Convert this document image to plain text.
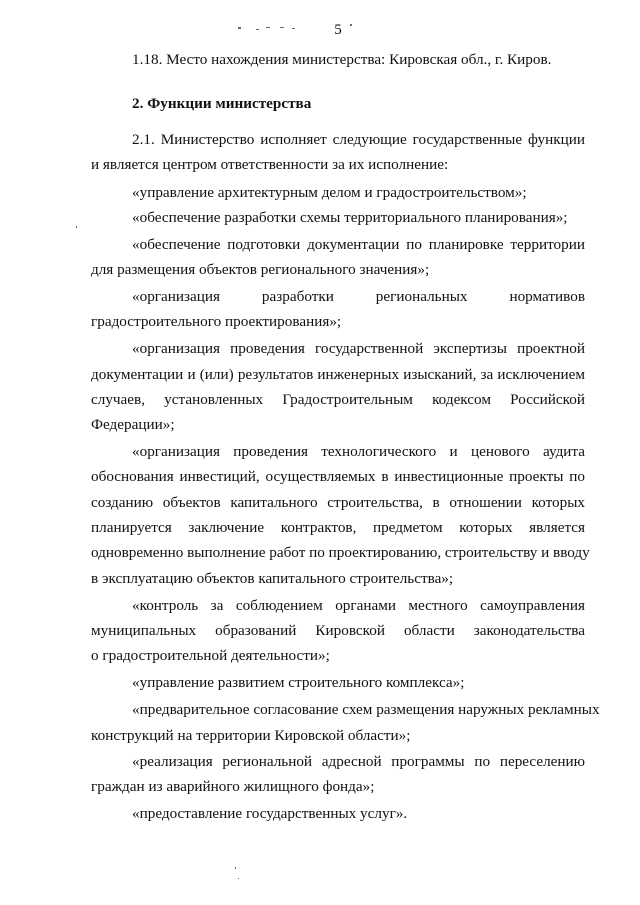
5
1.18. Место нахождения министерства: Кировская обл., г. Киров.
2. Функции министерства
2.1. Министерство исполняет следующие государственные функции
и является центром ответственности за их исполнение:
«управление архитектурным делом и градостроительством»;
«обеспечение разработки схемы территориального планирования»;
«обеспечение подготовки документации по планировке территории
для размещения объектов регионального значения»;
«организация разработки региональных нормативов
градостроительного проектирования»;
«организация проведения государственной экспертизы проектной
документации и (или) результатов инженерных изысканий, за исключением
случаев, установленных Градостроительным кодексом Российской
Федерации»;
«организация проведения технологического и ценового аудита
обоснования инвестиций, осуществляемых в инвестиционные проекты по
созданию объектов капитального строительства, в отношении которых
планируется заключение контрактов, предметом которых является
одновременно выполнение работ по проектированию, строительству и вводу
в эксплуатацию объектов капитального строительства»;
«контроль за соблюдением органами местного самоуправления
муниципальных образований Кировской области законодательства
о градостроительной деятельности»;
«управление развитием строительного комплекса»;
«предварительное согласование схем размещения наружных рекламных
конструкций на территории Кировской области»;
«реализация региональной адресной программы по переселению
граждан из аварийного жилищного фонда»;
«предоставление государственных услуг».
